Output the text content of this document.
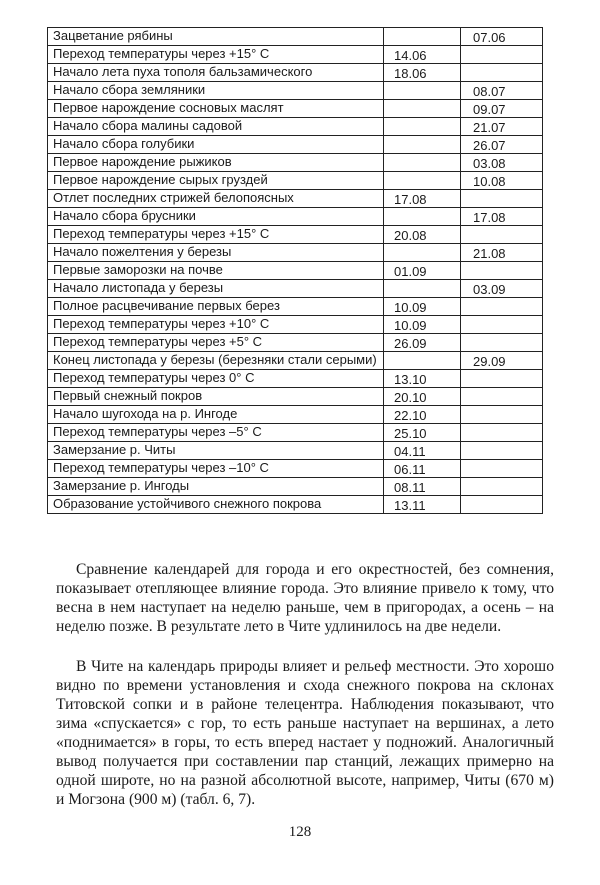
Зацветание рябины		07.06
Переход температуры через +15° С	14.06	
Начало лета пуха тополя бальзамического	18.06	
Начало сбора земляники		08.07
Первое нарождение сосновых маслят		09.07
Начало сбора малины садовой		21.07
Начало сбора голубики		26.07
Первое нарождение рыжиков		03.08
Первое нарождение сырых груздей		10.08
Отлет последних стрижей белопоясных	17.08	
Начало сбора брусники		17.08
Переход температуры через +15° С	20.08	
Начало пожелтения у березы		21.08
Первые заморозки на почве	01.09	
Начало листопада у березы		03.09
Полное расцвечивание первых берез	10.09	
Переход температуры через +10° С	10.09	
Переход температуры через +5° С	26.09	
Конец листопада у березы (березняки стали серыми)		29.09
Переход температуры через 0° С	13.10	
Первый снежный покров	20.10	
Начало шугохода на р. Ингоде	22.10	
Переход температуры через –5° С	25.10	
Замерзание р. Читы	04.11	
Переход температуры через –10° С	06.11	
Замерзание р. Ингоды	08.11	
Образование устойчивого снежного покрова	13.11	

Сравнение календарей для города и его окрестностей, без сомнения, показывает отепляющее влияние города. Это влияние привело к тому, что весна в нем наступает на неделю раньше, чем в пригородах, а осень – на неделю позже. В результате лето в Чите удлинилось на две недели.

В Чите на календарь природы влияет и рельеф местности. Это хорошо видно по времени установления и схода снежного покрова на склонах Титовской сопки и в районе телецентра. Наблюдения показывают, что зима «спускается» с гор, то есть раньше наступает на вершинах, а лето «поднимается» в горы, то есть вперед настает у подножий. Аналогичный вывод получается при составлении пар станций, лежащих примерно на одной широте, но на разной абсолютной высоте, например, Читы (670 м) и Могзона (900 м) (табл. 6, 7).

128
